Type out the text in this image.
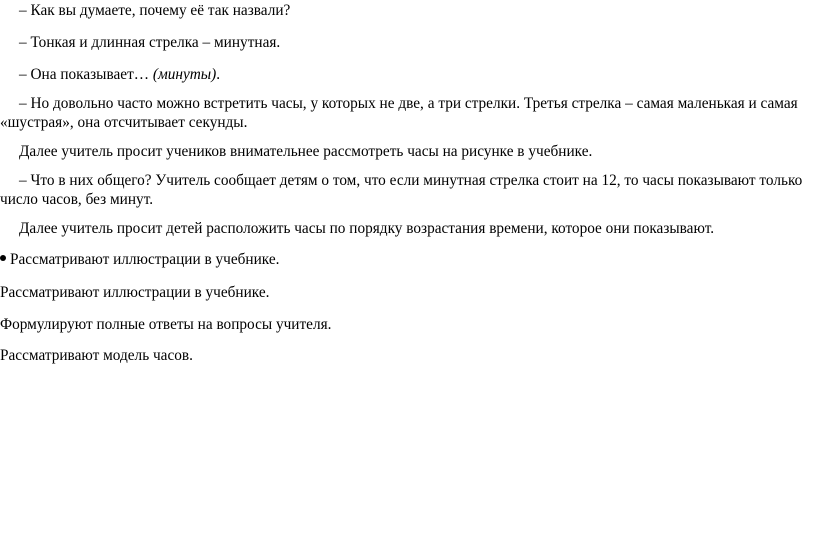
– Как вы думаете, почему её так назвали?
– Тонкая и длинная стрелка – минутная.
– Она показывает… (минуты).
– Но довольно часто можно встретить часы, у которых не две, а три стрелки. Третья стрелка – самая маленькая и самая
«шустрая», она отсчитывает секунды.
Далее учитель просит учеников внимательнее рассмотреть часы на рисунке в учебнике.
– Что в них общего? Учитель сообщает детям о том, что если минутная стрелка стоит на 12, то часы показывают только
число часов, без минут.
Далее учитель просит детей расположить часы по порядку возрастания времени, которое они показывают.
Рассматривают иллюстрации в учебнике.
Рассматривают иллюстрации в учебнике.
Формулируют полные ответы на вопросы учителя.
Рассматривают модель часов.
